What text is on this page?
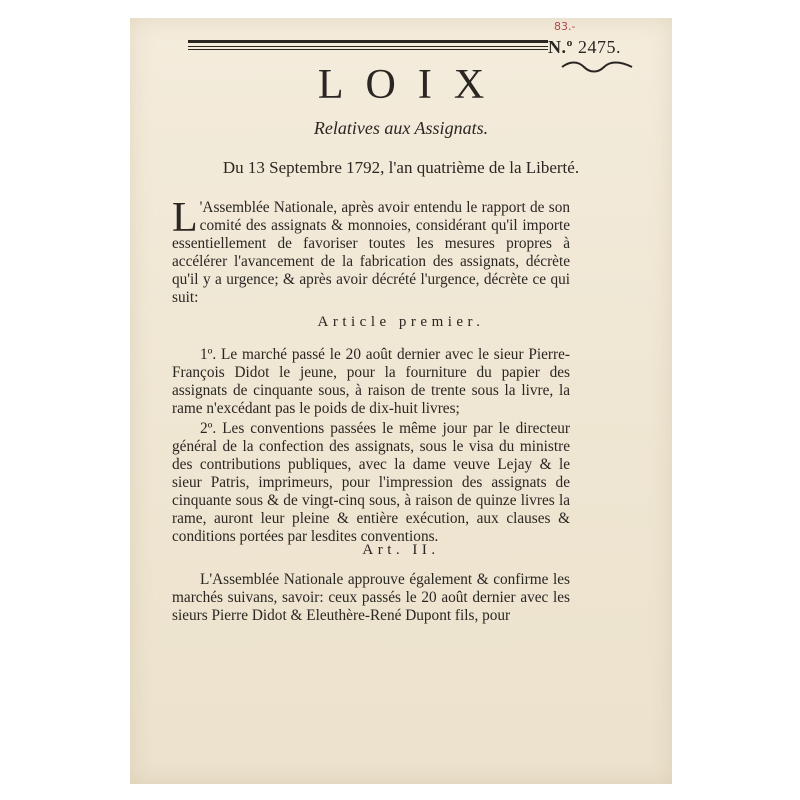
83.-
N.º 2475.
LOIX
Relatives aux Assignats.
Du 13 Septembre 1792, l'an quatrième de la Liberté.
L 'Assemblée Nationale, après avoir entendu le rapport de son comité des assignats & monnoies, considérant qu'il importe essentiellement de favoriser toutes les mesures propres à accélérer l'avancement de la fabrication des assignats, décrète qu'il y a urgence; & après avoir décrété l'urgence, décrète ce qui suit:
Article premier.
1º. Le marché passé le 20 août dernier avec le sieur Pierre-François Didot le jeune, pour la fourniture du papier des assignats de cinquante sous, à raison de trente sous la livre, la rame n'excédant pas le poids de dix-huit livres;
2º. Les conventions passées le même jour par le directeur général de la confection des assignats, sous le visa du ministre des contributions publiques, avec la dame veuve Lejay & le sieur Patris, imprimeurs, pour l'impression des assignats de cinquante sous & de vingt-cinq sous, à raison de quinze livres la rame, auront leur pleine & entière exécution, aux clauses & conditions portées par lesdites conventions.
Art. II.
L'Assemblée Nationale approuve également & confirme les marchés suivans, savoir: ceux passés le 20 août dernier avec les sieurs Pierre Didot & Eleuthère-René Dupont fils, pour
